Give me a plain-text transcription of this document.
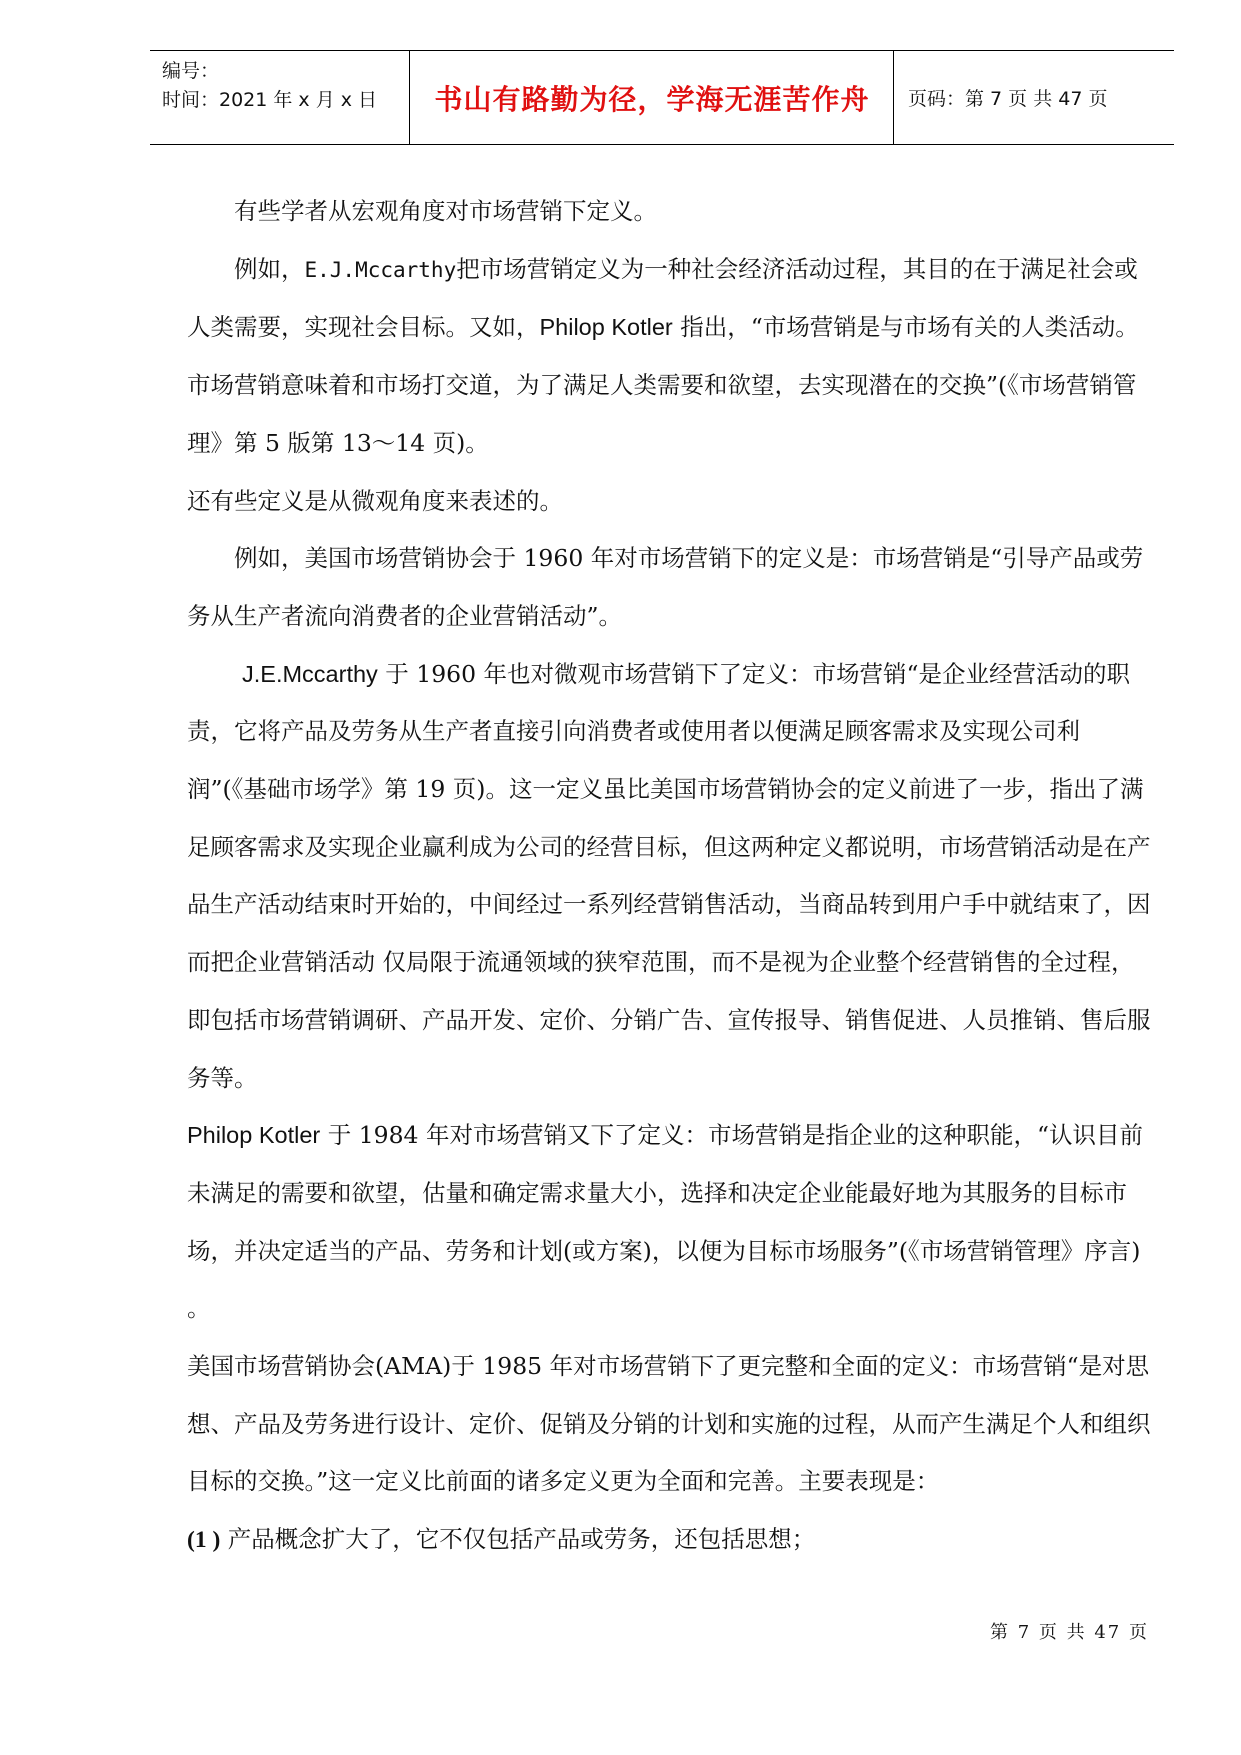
编号：
时间：2021 年 x 月 x 日	书山有路勤为径，学海无涯苦作舟	页码：第 7 页 共 47 页

有些学者从宏观角度对市场营销下定义。

例如，E.J.Mccarthy把市场营销定义为一种社会经济活动过程，其目的在于满足社会或人类需要，实现社会目标。又如，Philop Kotler 指出，“市场营销是与市场有关的人类活动。市场营销意味着和市场打交道，为了满足人类需要和欲望，去实现潜在的交换”(《市场营销管理》第 5 版第 13～14 页)。

还有些定义是从微观角度来表述的。

例如，美国市场营销协会于 1960 年对市场营销下的定义是：市场营销是“引导产品或劳务从生产者流向消费者的企业营销活动”。

J.E.Mccarthy 于 1960 年也对微观市场营销下了定义：市场营销“是企业经营活动的职责，它将产品及劳务从生产者直接引向消费者或使用者以便满足顾客需求及实现公司利润”(《基础市场学》第 19 页)。这一定义虽比美国市场营销协会的定义前进了一步，指出了满足顾客需求及实现企业赢利成为公司的经营目标，但这两种定义都说明，市场营销活动是在产品生产活动结束时开始的，中间经过一系列经营销售活动，当商品转到用户手中就结束了，因而把企业营销活动 仅局限于流通领域的狭窄范围，而不是视为企业整个经营销售的全过程，即包括市场营销调研、产品开发、定价、分销广告、宣传报导、销售促进、人员推销、售后服务等。

Philop Kotler 于 1984 年对市场营销又下了定义：市场营销是指企业的这种职能，“认识目前未满足的需要和欲望，估量和确定需求量大小，选择和决定企业能最好地为其服务的目标市场，并决定适当的产品、劳务和计划(或方案)，以便为目标市场服务”(《市场营销管理》序言) 。

美国市场营销协会(AMA)于 1985 年对市场营销下了更完整和全面的定义：市场营销“是对思想、产品及劳务进行设计、定价、促销及分销的计划和实施的过程，从而产生满足个人和组织目标的交换。”这一定义比前面的诸多定义更为全面和完善。主要表现是：

(1 ) 产品概念扩大了，它不仅包括产品或劳务，还包括思想；

第 7 页 共 47 页
